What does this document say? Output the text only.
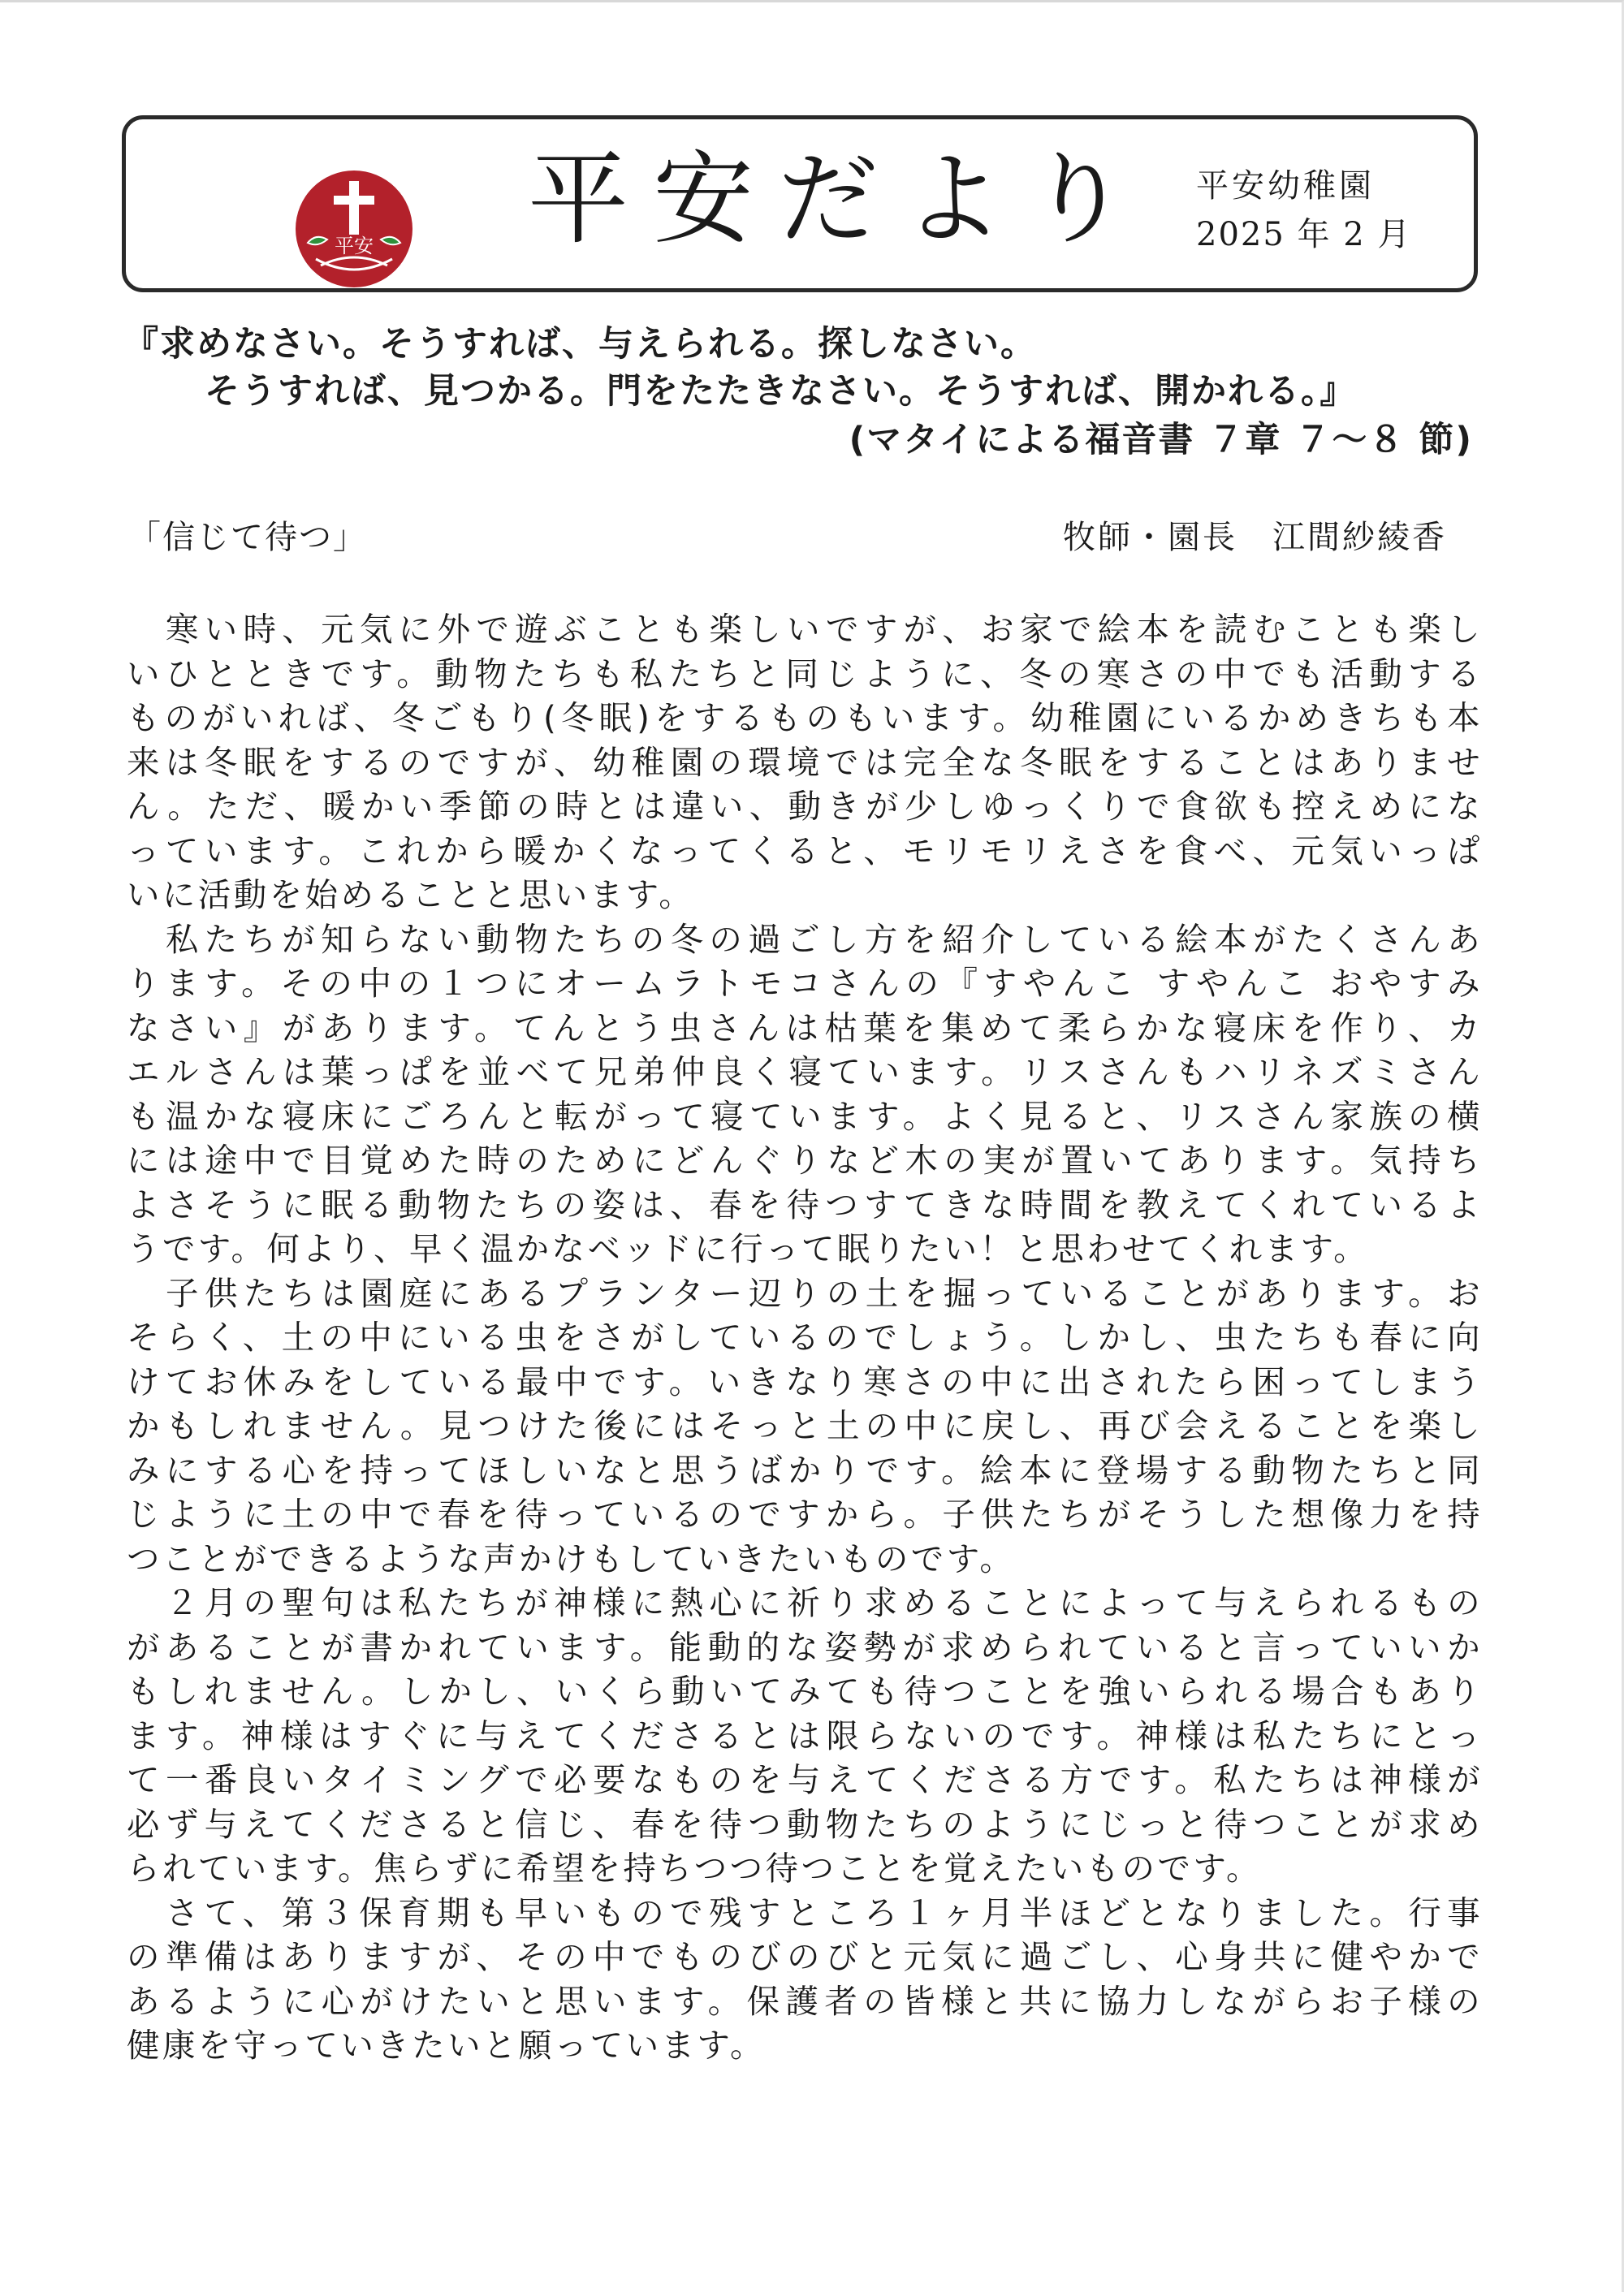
平安 平安だより 平安幼稚園
2025 年 2 月
『求めなさい。そうすれば、与えられる。探しなさい。
そうすれば、見つかる。門をたたきなさい。そうすれば、開かれる。』
(マタイによる福音書 ７章 ７～８ 節)
「信じて待つ」	牧師・園長　江間紗綾香
　寒い時、元気に外で遊ぶことも楽しいですが、お家で絵本を読むことも楽し
いひとときです。動物たちも私たちと同じように、冬の寒さの中でも活動する
ものがいれば、冬ごもり(冬眠)をするものもいます。幼稚園にいるかめきちも本
来は冬眠をするのですが、幼稚園の環境では完全な冬眠をすることはありませ
ん。ただ、暖かい季節の時とは違い、動きが少しゆっくりで食欲も控えめにな
っています。これから暖かくなってくると、モリモリえさを食べ、元気いっぱ
いに活動を始めることと思います。
　私たちが知らない動物たちの冬の過ごし方を紹介している絵本がたくさんあ
ります。その中の１つにオームラトモコさんの『すやんこ すやんこ おやすみ
なさい』があります。てんとう虫さんは枯葉を集めて柔らかな寝床を作り、カ
エルさんは葉っぱを並べて兄弟仲良く寝ています。リスさんもハリネズミさん
も温かな寝床にごろんと転がって寝ています。よく見ると、リスさん家族の横
には途中で目覚めた時のためにどんぐりなど木の実が置いてあります。気持ち
よさそうに眠る動物たちの姿は、春を待つすてきな時間を教えてくれているよ
うです。何より、早く温かなベッドに行って眠りたい！と思わせてくれます。
　子供たちは園庭にあるプランター辺りの土を掘っていることがあります。お
そらく、土の中にいる虫をさがしているのでしょう。しかし、虫たちも春に向
けてお休みをしている最中です。いきなり寒さの中に出されたら困ってしまう
かもしれません。見つけた後にはそっと土の中に戻し、再び会えることを楽し
みにする心を持ってほしいなと思うばかりです。絵本に登場する動物たちと同
じように土の中で春を待っているのですから。子供たちがそうした想像力を持
つことができるような声かけもしていきたいものです。
　２月の聖句は私たちが神様に熱心に祈り求めることによって与えられるもの
があることが書かれています。能動的な姿勢が求められていると言っていいか
もしれません。しかし、いくら動いてみても待つことを強いられる場合もあり
ます。神様はすぐに与えてくださるとは限らないのです。神様は私たちにとっ
て一番良いタイミングで必要なものを与えてくださる方です。私たちは神様が
必ず与えてくださると信じ、春を待つ動物たちのようにじっと待つことが求め
られています。焦らずに希望を持ちつつ待つことを覚えたいものです。
　さて、第３保育期も早いもので残すところ１ヶ月半ほどとなりました。行事
の準備はありますが、その中でものびのびと元気に過ごし、心身共に健やかで
あるように心がけたいと思います。保護者の皆様と共に協力しながらお子様の
健康を守っていきたいと願っています。
